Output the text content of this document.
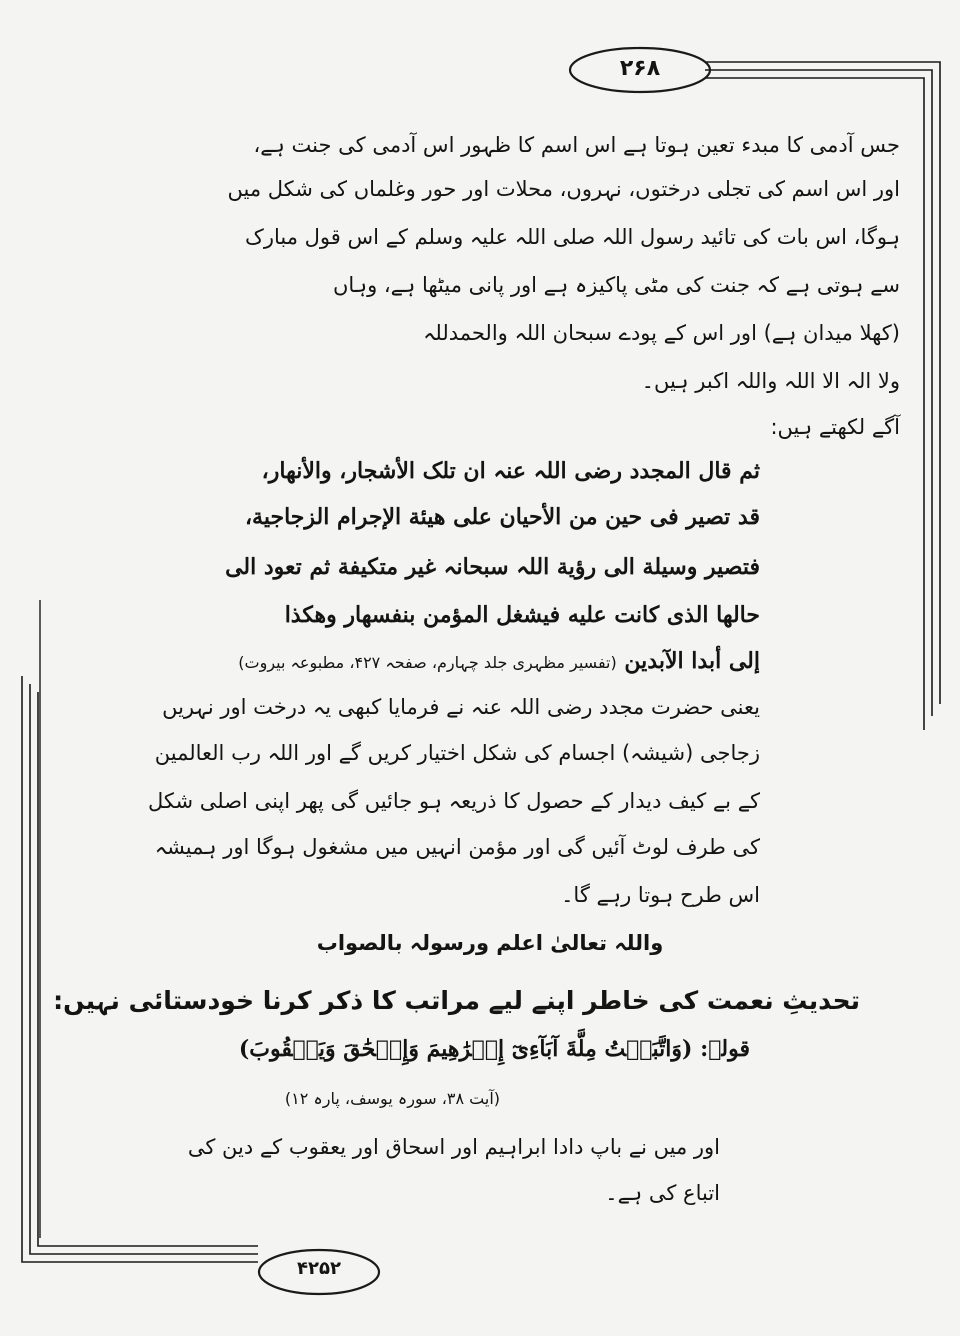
۲۶۸
۴۲۵۲
جس آدمی کا مبدء تعین ہوتا ہے اس اسم کا ظہور اس آدمی کی جنت ہے،
اور اس اسم کی تجلی درختوں، نہروں، محلات اور حور وغلماں کی شکل میں
ہوگا، اس بات کی تائید رسول اللہ صلی اللہ علیہ وسلم کے اس قول مبارک
سے ہوتی ہے کہ جنت کی مٹی پاکیزہ ہے اور پانی میٹھا ہے، وہاں
(کھلا میدان ہے) اور اس کے پودے سبحان اللہ والحمدللہ
ولا الہ الا اللہ واللہ اکبر ہیں۔
آگے لکھتے ہیں:
ثم قال المجدد رضی اللہ عنہ ان تلک الأشجار، والأنهار،
قد تصیر فی حین من الأحیان علی هیئة الإجرام الزجاجیة،
فتصیر وسیلة الی رؤیة اللہ سبحانہ غیر متکیفة ثم تعود الی
حالها الذی کانت علیه فیشغل المؤمن بنفسهار وهکذا
إلی أبدا الآبدین (تفسیر مظہری جلد چہارم، صفحہ ۴۲۷، مطبوعہ بیروت)
یعنی حضرت مجدد رضی اللہ عنہ نے فرمایا کبھی یہ درخت اور نہریں
زجاجی (شیشہ) اجسام کی شکل اختیار کریں گے اور اللہ رب العالمین
کے بے کیف دیدار کے حصول کا ذریعہ ہو جائیں گی پھر اپنی اصلی شکل
کی طرف لوٹ آئیں گی اور مؤمن انہیں میں مشغول ہوگا اور ہمیشہ
اس طرح ہوتا رہے گا۔
واللہ تعالیٰ اعلم ورسولہ بالصواب
تحدیثِ نعمت کی خاطر اپنے لیے مراتب کا ذکر کرنا خودستائی نہیں:
قولہ: (وَاتَّبَعۡتُ مِلَّةَ آبَآءِىٓ إِبۡرَٰهِيمَ وَإِسۡحَٰقَ وَيَعۡقُوبَ)
(آیت ۳۸، سورہ یوسف، پارہ ۱۲)
اور میں نے باپ دادا ابراہیم اور اسحاق اور یعقوب کے دین کی
اتباع کی ہے۔
